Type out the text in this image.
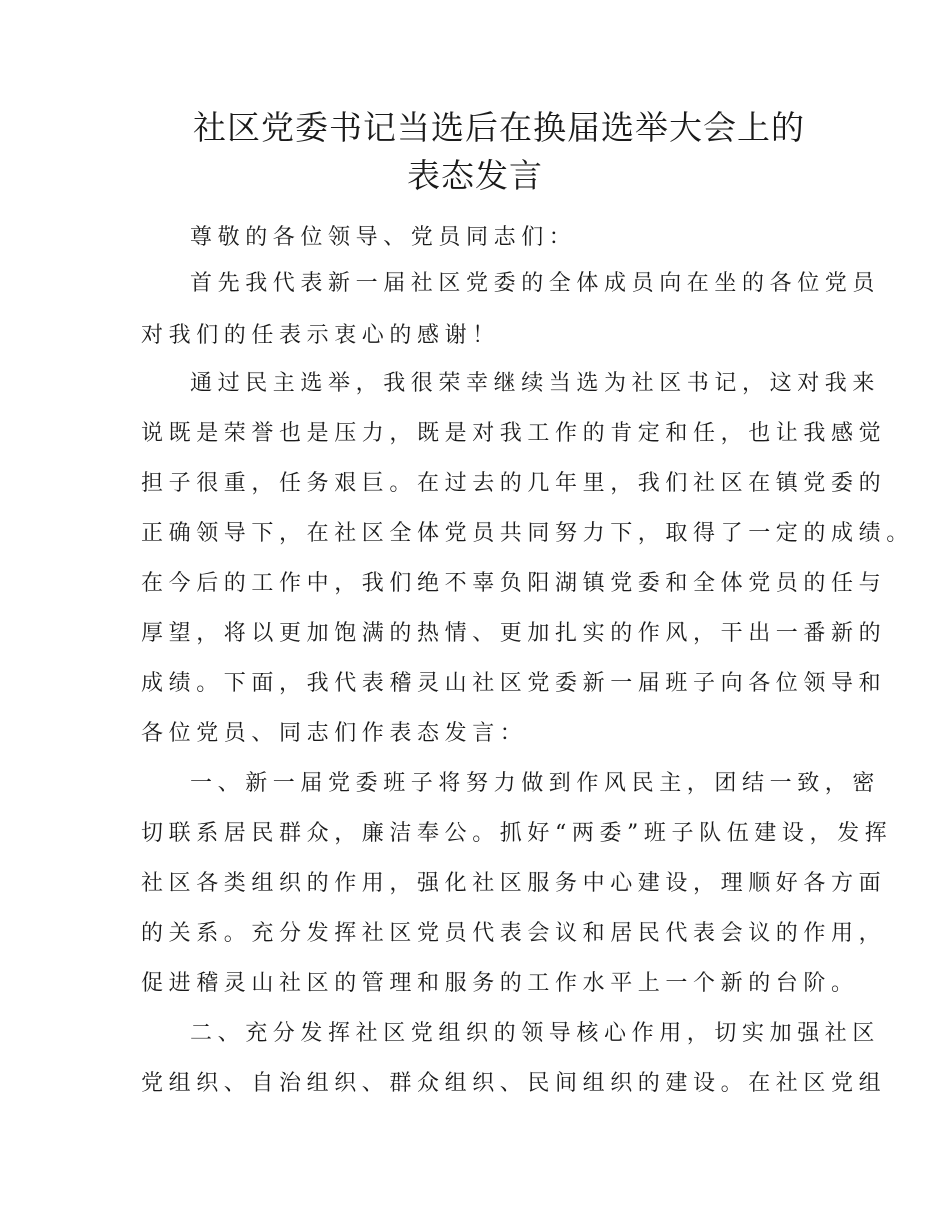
社区党委书记当选后在换届选举大会上的
表态发言

尊敬的各位领导、党员同志们：

首先我代表新一届社区党委的全体成员向在坐的各位党员

对我们的任表示衷心的感谢！

通过民主选举，我很荣幸继续当选为社区书记，这对我来

说既是荣誉也是压力，既是对我工作的肯定和任，也让我感觉

担子很重，任务艰巨。在过去的几年里，我们社区在镇党委的

正确领导下，在社区全体党员共同努力下，取得了一定的成绩。

在今后的工作中，我们绝不辜负阳湖镇党委和全体党员的任与

厚望，将以更加饱满的热情、更加扎实的作风，干出一番新的

成绩。下面，我代表稽灵山社区党委新一届班子向各位领导和

各位党员、同志们作表态发言：

一、新一届党委班子将努力做到作风民主，团结一致，密

切联系居民群众，廉洁奉公。抓好“两委”班子队伍建设，发挥

社区各类组织的作用，强化社区服务中心建设，理顺好各方面

的关系。充分发挥社区党员代表会议和居民代表会议的作用，

促进稽灵山社区的管理和服务的工作水平上一个新的台阶。

二、充分发挥社区党组织的领导核心作用，切实加强社区

党组织、自治组织、群众组织、民间组织的建设。在社区党组
